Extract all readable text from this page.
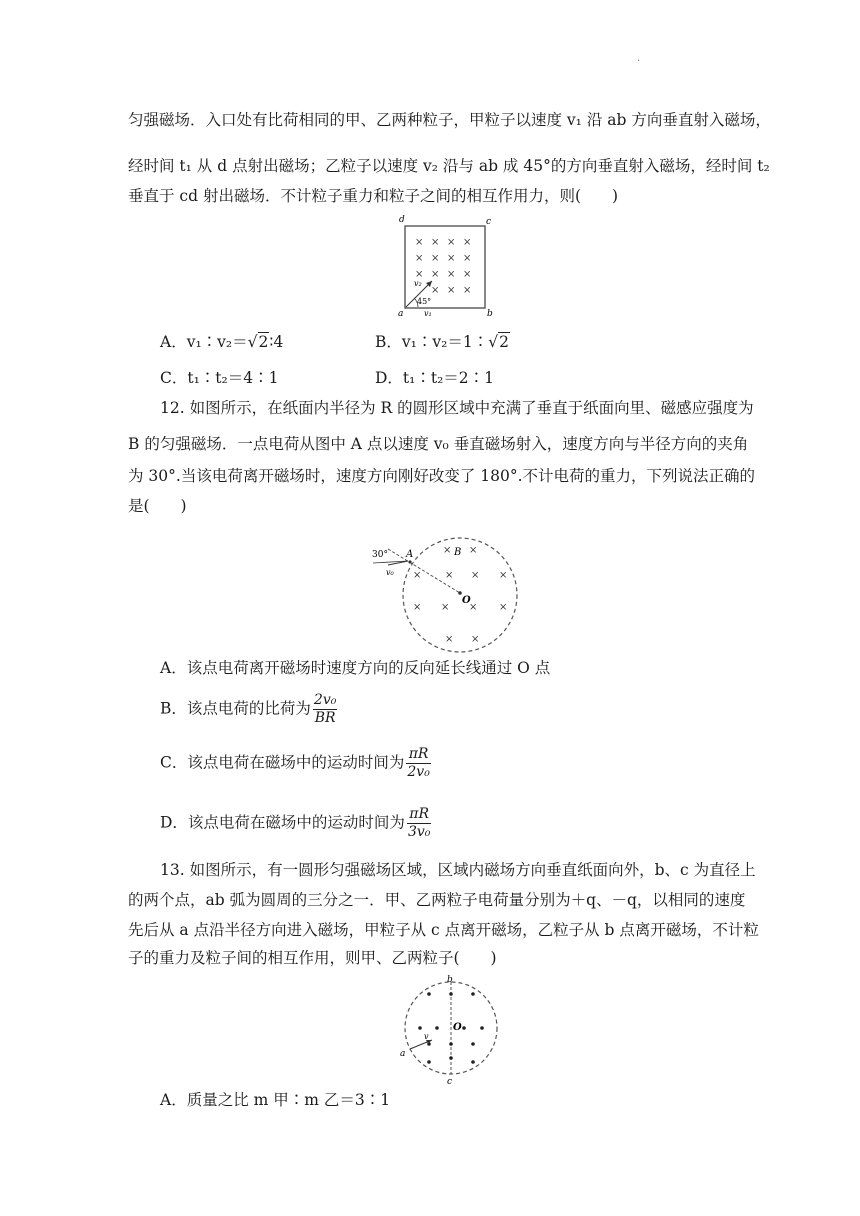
·
匀强磁场．入口处有比荷相同的甲、乙两种粒子，甲粒子以速度 v₁ 沿 ab 方向垂直射入磁场，
经时间 t₁ 从 d 点射出磁场；乙粒子以速度 v₂ 沿与 ab 成 45°的方向垂直射入磁场，经时间 t₂
垂直于 cd 射出磁场．不计粒子重力和粒子之间的相互作用力，则(　　)
× × × ×
× × × ×
× × × ×
× × ×
d	c
a	b
v₁
v₂
45°
A．v₁∶v₂＝√2∶4	B．v₁∶v₂＝1∶√2
C．t₁∶t₂＝4∶1	D．t₁∶t₂＝2∶1
12. 如图所示，在纸面内半径为 R 的圆形区域中充满了垂直于纸面向里、磁感应强度为
B 的匀强磁场．一点电荷从图中 A 点以速度 v₀ 垂直磁场射入，速度方向与半径方向的夹角
为 30°.当该电荷离开磁场时，速度方向刚好改变了 180°.不计电荷的重力，下列说法正确的
是(　　)
× ×
× × × ×
× × × ×
× ×
30° A	B
v₀
O
A．该点电荷离开磁场时速度方向的反向延长线通过 O 点
B．该点电荷的比荷为 $\frac{\text{2v₀}}{BR}$
C．该点电荷在磁场中的运动时间为 $\frac{\pi R}{\text{2v₀}}$
D．该点电荷在磁场中的运动时间为 $\frac{\pi R}{\text{3v₀}}$
13. 如图所示，有一圆形匀强磁场区域，区域内磁场方向垂直纸面向外，b、c 为直径上
的两个点，ab 弧为圆周的三分之一．甲、乙两粒子电荷量分别为＋q、－q，以相同的速度
先后从 a 点沿半径方向进入磁场，甲粒子从 c 点离开磁场，乙粒子从 b 点离开磁场，不计粒
子的重力及粒子间的相互作用，则甲、乙两粒子(　　)
b
c
a
O
v
A．质量之比 m 甲∶m 乙＝3∶1
